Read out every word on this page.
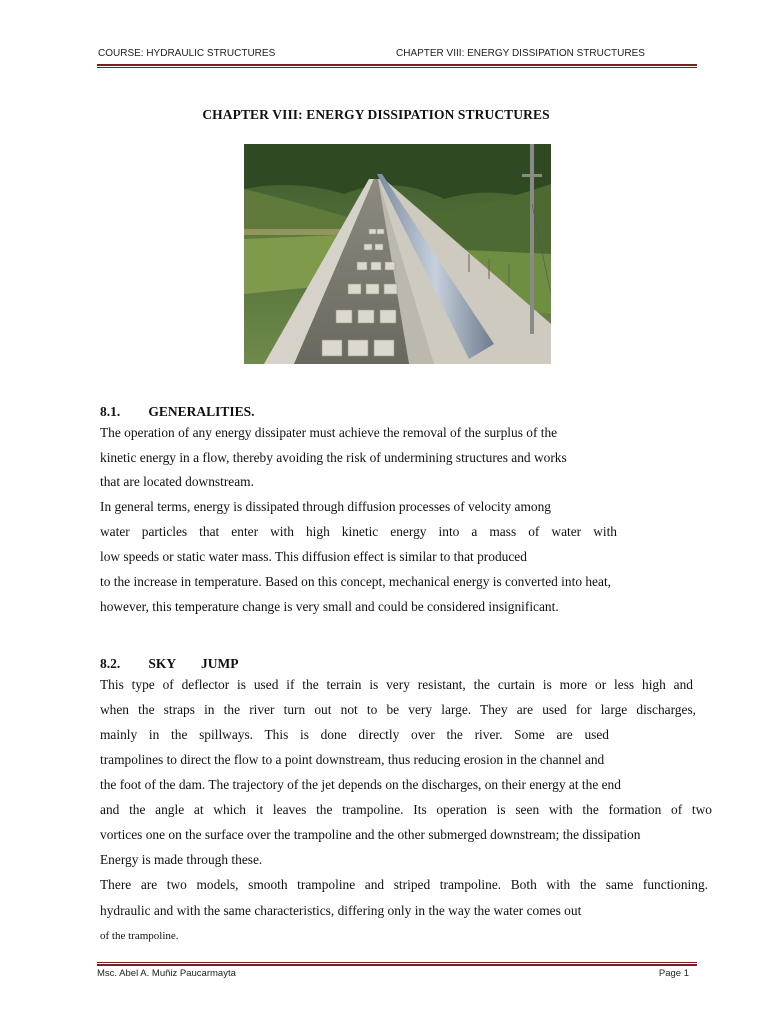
COURSE: HYDRAULIC STRUCTURES	CHAPTER VIII: ENERGY DISSIPATION STRUCTURES
CHAPTER VIII: ENERGY DISSIPATION STRUCTURES
8.1. GENERALITIES.
The operation of any energy dissipater must achieve the removal of the surplus of the
kinetic energy in a flow, thereby avoiding the risk of undermining structures and works
that are located downstream.
In general terms, energy is dissipated through diffusion processes of velocity among
water particles that enter with high kinetic energy into a mass of water with
low speeds or static water mass. This diffusion effect is similar to that produced
to the increase in temperature. Based on this concept, mechanical energy is converted into heat,
however, this temperature change is very small and could be considered insignificant.
8.2. SKY JUMP
This type of deflector is used if the terrain is very resistant, the curtain is more or less high and
when the straps in the river turn out not to be very large. They are used for large discharges,
mainly in the spillways. This is done directly over the river. Some are used
trampolines to direct the flow to a point downstream, thus reducing erosion in the channel and
the foot of the dam. The trajectory of the jet depends on the discharges, on their energy at the end
and the angle at which it leaves the trampoline. Its operation is seen with the formation of two
vortices one on the surface over the trampoline and the other submerged downstream; the dissipation
Energy is made through these.
There are two models, smooth trampoline and striped trampoline. Both with the same functioning.
hydraulic and with the same characteristics, differing only in the way the water comes out
of the trampoline.
Msc. Abel A. Muñiz Paucarmayta	Page 1
